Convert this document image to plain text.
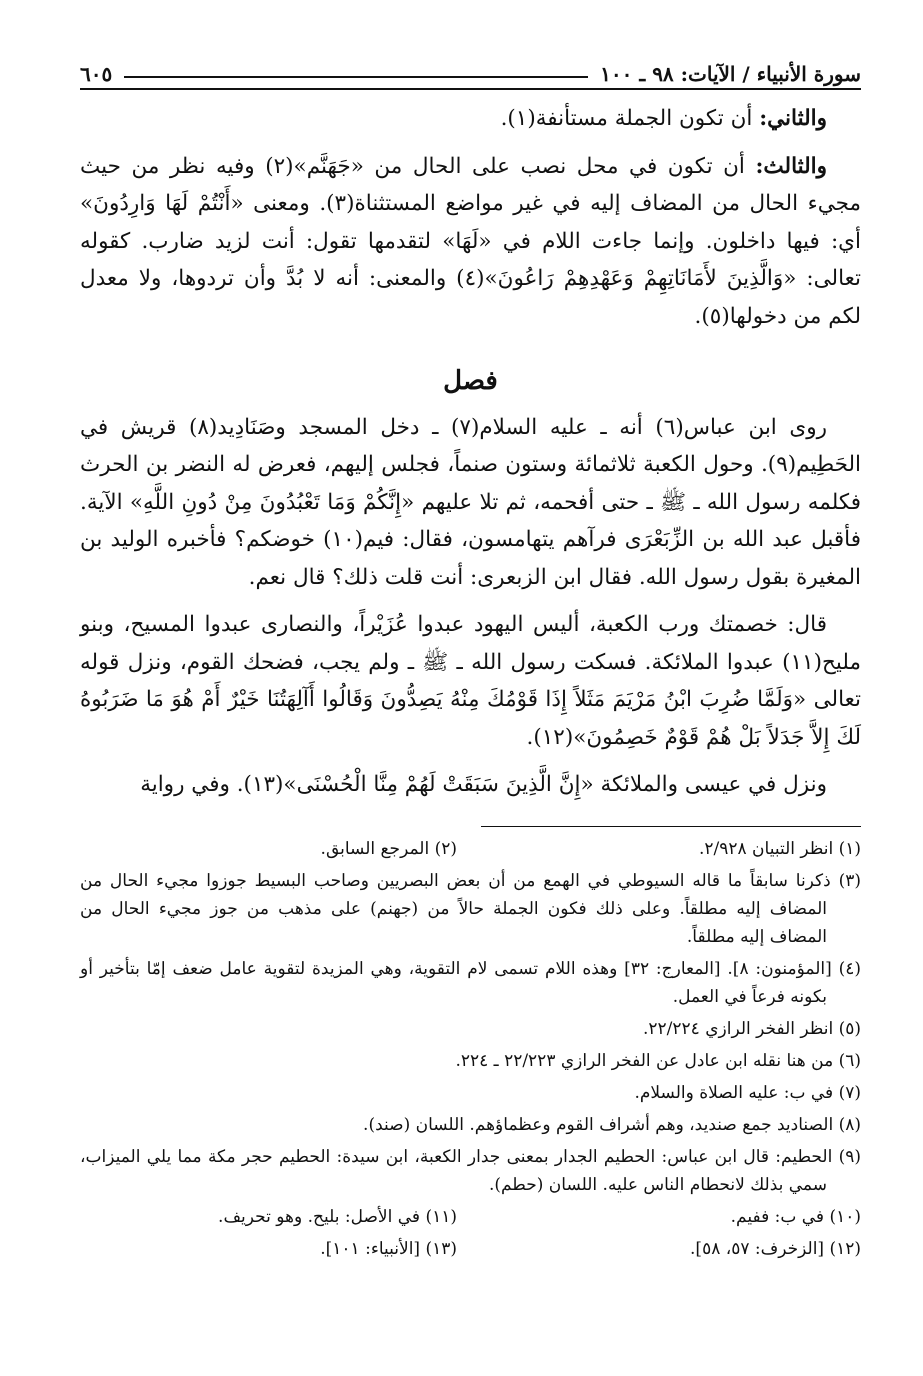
سورة الأنبياء / الآيات: ٩٨ ـ ١٠٠
٦٠٥

والثاني: أن تكون الجملة مستأنفة(١).

والثالث: أن تكون في محل نصب على الحال من «جَهَنَّم»(٢) وفيه نظر من حيث مجيء الحال من المضاف إليه في غير مواضع المستثناة(٣). ومعنى «أَنْتُمْ لَهَا وَارِدُونَ» أي: فيها داخلون. وإنما جاءت اللام في «لَهَا» لتقدمها تقول: أنت لزيد ضارب. كقوله تعالى: «وَالَّذِينَ لأَمَانَاتِهِمْ وَعَهْدِهِمْ رَاعُونَ»(٤) والمعنى: أنه لا بُدَّ وأن تردوها، ولا معدل لكم من دخولها(٥).

فصل

روى ابن عباس(٦) أنه ـ عليه السلام(٧) ـ دخل المسجد وصَنَادِيد(٨) قريش في الحَطِيم(٩). وحول الكعبة ثلاثمائة وستون صنماً، فجلس إليهم، فعرض له النضر بن الحرث فكلمه رسول الله ـ ﷺ ـ حتى أفحمه، ثم تلا عليهم «إِنَّكُمْ وَمَا تَعْبُدُونَ مِنْ دُونِ اللَّهِ» الآية. فأقبل عبد الله بن الزِّبَعْرَى فرآهم يتهامسون، فقال: فيم(١٠) خوضكم؟ فأخبره الوليد بن المغيرة بقول رسول الله. فقال ابن الزبعرى: أنت قلت ذلك؟ قال نعم.

قال: خصمتك ورب الكعبة، أليس اليهود عبدوا عُزَيْراً، والنصارى عبدوا المسيح، وبنو مليح(١١) عبدوا الملائكة. فسكت رسول الله ـ ﷺ ـ ولم يجب، فضحك القوم، ونزل قوله تعالى «وَلَمَّا ضُرِبَ ابْنُ مَرْيَمَ مَثَلاً إِذَا قَوْمُكَ مِنْهُ يَصِدُّونَ وَقَالُوا أَآلِهَتُنَا خَيْرٌ أَمْ هُوَ مَا ضَرَبُوهُ لَكَ إِلاَّ جَدَلاً بَلْ هُمْ قَوْمٌ خَصِمُونَ»(١٢).

ونزل في عيسى والملائكة «إِنَّ الَّذِينَ سَبَقَتْ لَهُمْ مِنَّا الْحُسْنَى»(١٣). وفي رواية

(١) انظر التبيان ٢/٩٢٨.

(٢) المرجع السابق.

(٣) ذكرنا سابقاً ما قاله السيوطي في الهمع من أن بعض البصريين وصاحب البسيط جوزوا مجيء الحال من المضاف إليه مطلقاً. وعلى ذلك فكون الجملة حالاً من (جهنم) على مذهب من جوز مجيء الحال من المضاف إليه مطلقاً.

(٤) [المؤمنون: ٨]. [المعارج: ٣٢] وهذه اللام تسمى لام التقوية، وهي المزيدة لتقوية عامل ضعف إمّا بتأخير أو بكونه فرعاً في العمل.

(٥) انظر الفخر الرازي ٢٢/٢٢٤.

(٦) من هنا نقله ابن عادل عن الفخر الرازي ٢٢/٢٢٣ ـ ٢٢٤.

(٧) في ب: عليه الصلاة والسلام.

(٨) الصناديد جمع صنديد، وهم أشراف القوم وعظماؤهم. اللسان (صند).

(٩) الحطيم: قال ابن عباس: الحطيم الجدار بمعنى جدار الكعبة، ابن سيدة: الحطيم حجر مكة مما يلي الميزاب، سمي بذلك لانحطام الناس عليه. اللسان (حطم).

(١٠) في ب: ففيم.

(١١) في الأصل: بليح. وهو تحريف.

(١٢) [الزخرف: ٥٧، ٥٨].

(١٣) [الأنبياء: ١٠١].
